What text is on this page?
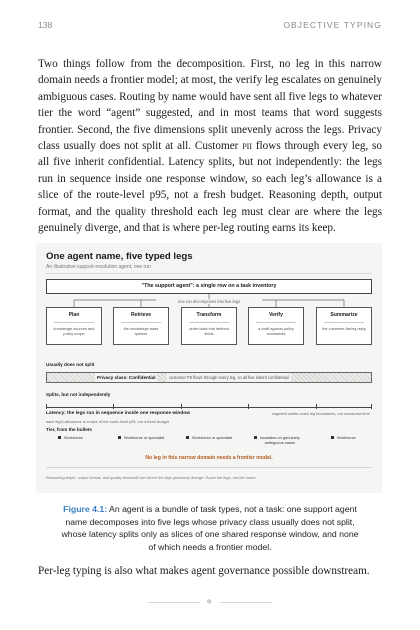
138	OBJECTIVE TYPING

Two things follow from the decomposition. First, no leg in this narrow domain needs a frontier model; at most, the verify leg escalates on genuinely ambiguous cases. Routing by name would have sent all five legs to whatever tier the word “agent” suggested, and in most teams that word suggests frontier. Second, the five dimensions split unevenly across the legs. Privacy class usually does not split at all. Customer pii flows through every leg, so all five inherit confidential. Latency splits, but not independently: the legs run in sequence inside one response window, so each leg’s allowance is a slice of the route-level p95, not a fresh budget. Reasoning depth, output format, and the quality threshold each leg must clear are where the legs genuinely diverge, and that is where per-leg routing earns its keep.

One agent name, five typed legs
An illustrative support-resolution agent, one run
"The support agent": a single row on a task inventory
one run decomposes into five legs
Plan
knowledge sources and policy scope
Retrieve
the knowledge-base queries
Transform
order facts into defined fields
Verify
a draft against policy constraints
Summarize
the customer-facing reply
Usually does not split
Privacy class: Confidential	customer PII flows through every leg, so all five inherit confidential
Splits, but not independently
Latency: the legs run in sequence inside one response window	segment widths mark leg boundaries, not measured time
each leg's allowance is a slice of the route-level p95, not a fresh budget
Tier, from the bullets
Workhorse	Workhorse or specialist	Workhorse or specialist	escalates on genuinely
ambiguous cases
Workhorse
No leg in this narrow domain needs a frontier model.
Reasoning depth, output format, and quality threshold are where the legs genuinely diverge. Route the legs, not the name.

Figure 4.1: An agent is a bundle of task types, not a task: one support agent name decomposes into five legs whose privacy class usually does not split, whose latency splits only as slices of one shared response window, and none of which needs a frontier model.

Per-leg typing is also what makes agent governance possible downstream.

❖
